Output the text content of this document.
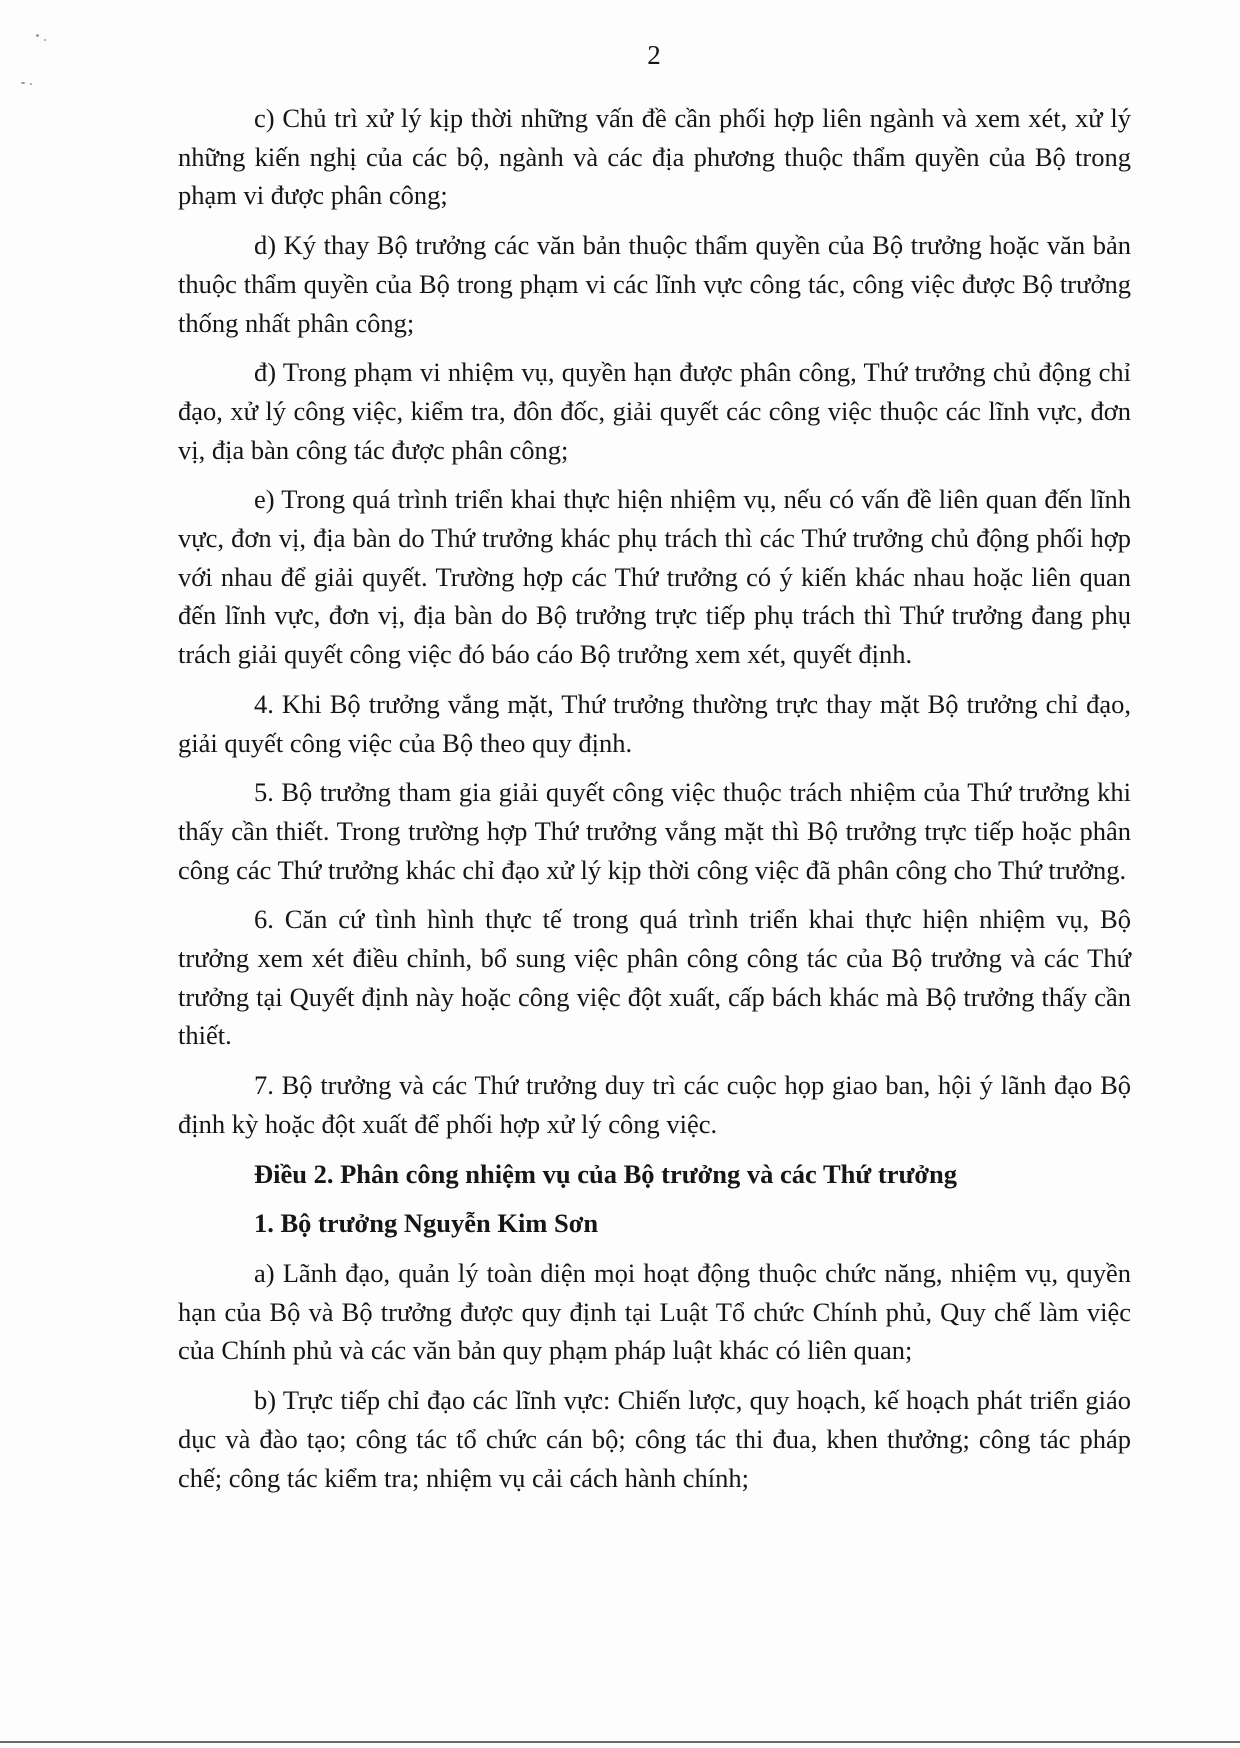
2

c) Chủ trì xử lý kịp thời những vấn đề cần phối hợp liên ngành và xem xét, xử lý những kiến nghị của các bộ, ngành và các địa phương thuộc thẩm quyền của Bộ trong phạm vi được phân công;

d) Ký thay Bộ trưởng các văn bản thuộc thẩm quyền của Bộ trưởng hoặc văn bản thuộc thẩm quyền của Bộ trong phạm vi các lĩnh vực công tác, công việc được Bộ trưởng thống nhất phân công;

đ) Trong phạm vi nhiệm vụ, quyền hạn được phân công, Thứ trưởng chủ động chỉ đạo, xử lý công việc, kiểm tra, đôn đốc, giải quyết các công việc thuộc các lĩnh vực, đơn vị, địa bàn công tác được phân công;

e) Trong quá trình triển khai thực hiện nhiệm vụ, nếu có vấn đề liên quan đến lĩnh vực, đơn vị, địa bàn do Thứ trưởng khác phụ trách thì các Thứ trưởng chủ động phối hợp với nhau để giải quyết. Trường hợp các Thứ trưởng có ý kiến khác nhau hoặc liên quan đến lĩnh vực, đơn vị, địa bàn do Bộ trưởng trực tiếp phụ trách thì Thứ trưởng đang phụ trách giải quyết công việc đó báo cáo Bộ trưởng xem xét, quyết định.

4. Khi Bộ trưởng vắng mặt, Thứ trưởng thường trực thay mặt Bộ trưởng chỉ đạo, giải quyết công việc của Bộ theo quy định.

5. Bộ trưởng tham gia giải quyết công việc thuộc trách nhiệm của Thứ trưởng khi thấy cần thiết. Trong trường hợp Thứ trưởng vắng mặt thì Bộ trưởng trực tiếp hoặc phân công các Thứ trưởng khác chỉ đạo xử lý kịp thời công việc đã phân công cho Thứ trưởng.

6. Căn cứ tình hình thực tế trong quá trình triển khai thực hiện nhiệm vụ, Bộ trưởng xem xét điều chỉnh, bổ sung việc phân công công tác của Bộ trưởng và các Thứ trưởng tại Quyết định này hoặc công việc đột xuất, cấp bách khác mà Bộ trưởng thấy cần thiết.

7. Bộ trưởng và các Thứ trưởng duy trì các cuộc họp giao ban, hội ý lãnh đạo Bộ định kỳ hoặc đột xuất để phối hợp xử lý công việc.

Điều 2. Phân công nhiệm vụ của Bộ trưởng và các Thứ trưởng

1. Bộ trưởng Nguyễn Kim Sơn

a) Lãnh đạo, quản lý toàn diện mọi hoạt động thuộc chức năng, nhiệm vụ, quyền hạn của Bộ và Bộ trưởng được quy định tại Luật Tổ chức Chính phủ, Quy chế làm việc của Chính phủ và các văn bản quy phạm pháp luật khác có liên quan;

b) Trực tiếp chỉ đạo các lĩnh vực: Chiến lược, quy hoạch, kế hoạch phát triển giáo dục và đào tạo; công tác tổ chức cán bộ; công tác thi đua, khen thưởng; công tác pháp chế; công tác kiểm tra; nhiệm vụ cải cách hành chính;
